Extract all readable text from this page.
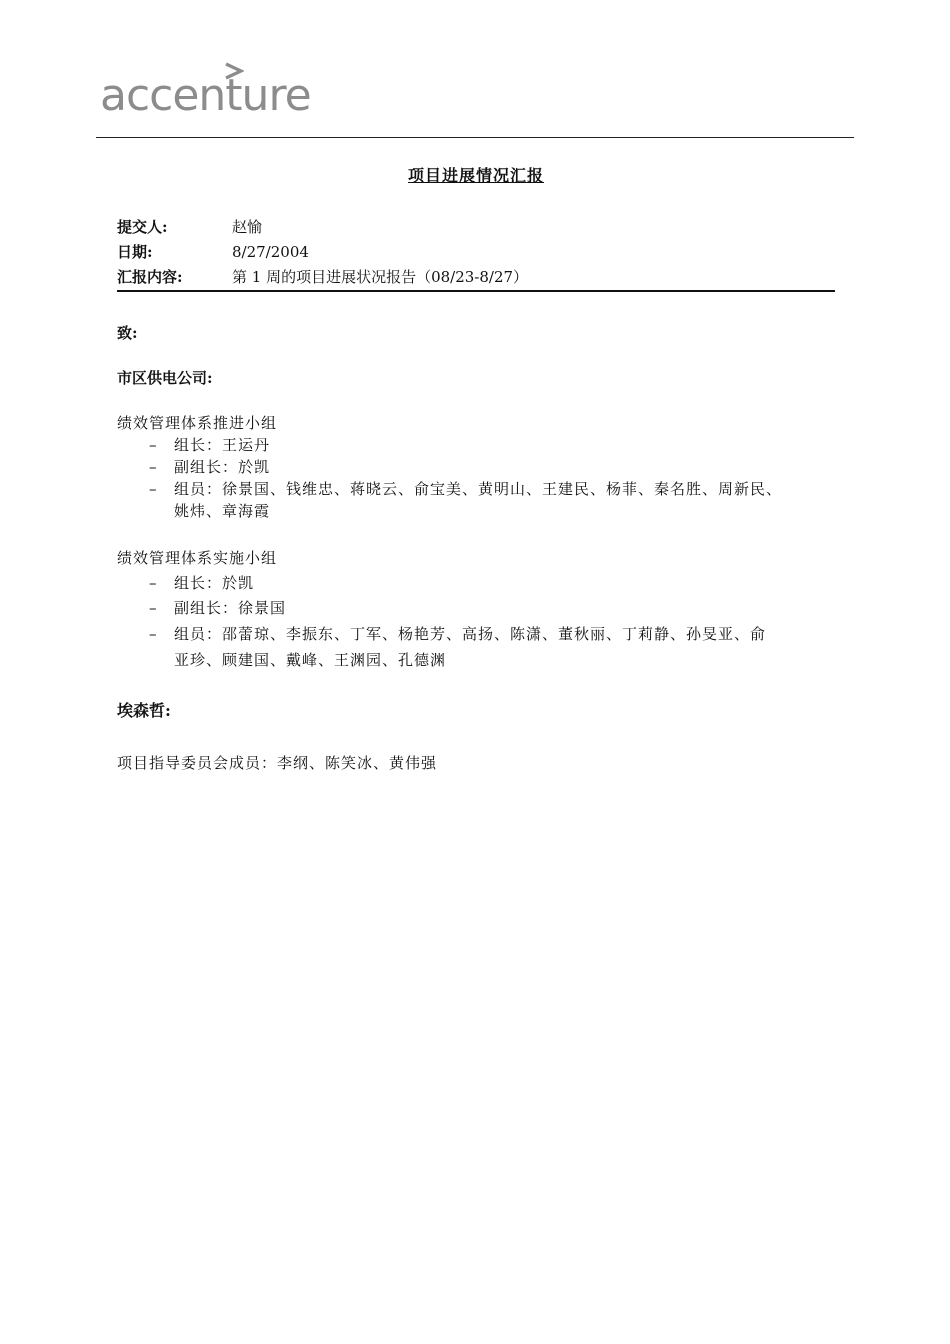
accenture
项目进展情况汇报
提交人:	赵愉
日期:	8/27/2004
汇报内容:	第 1 周的项目进展状况报告（08/23-8/27）
致:
市区供电公司:
绩效管理体系推进小组
– 组长：王运丹
– 副组长：於凯
– 组员：徐景国、钱维忠、蒋晓云、俞宝美、黄明山、王建民、杨菲、秦名胜、周新民、
姚炜、章海霞
绩效管理体系实施小组
– 组长：於凯
– 副组长：徐景国
– 组员：邵蕾琼、李振东、丁军、杨艳芳、高扬、陈潇、董秋丽、丁莉静、孙旻亚、俞
亚珍、顾建国、戴峰、王渊园、孔德渊
埃森哲:
项目指导委员会成员：李纲、陈笑冰、黄伟强
